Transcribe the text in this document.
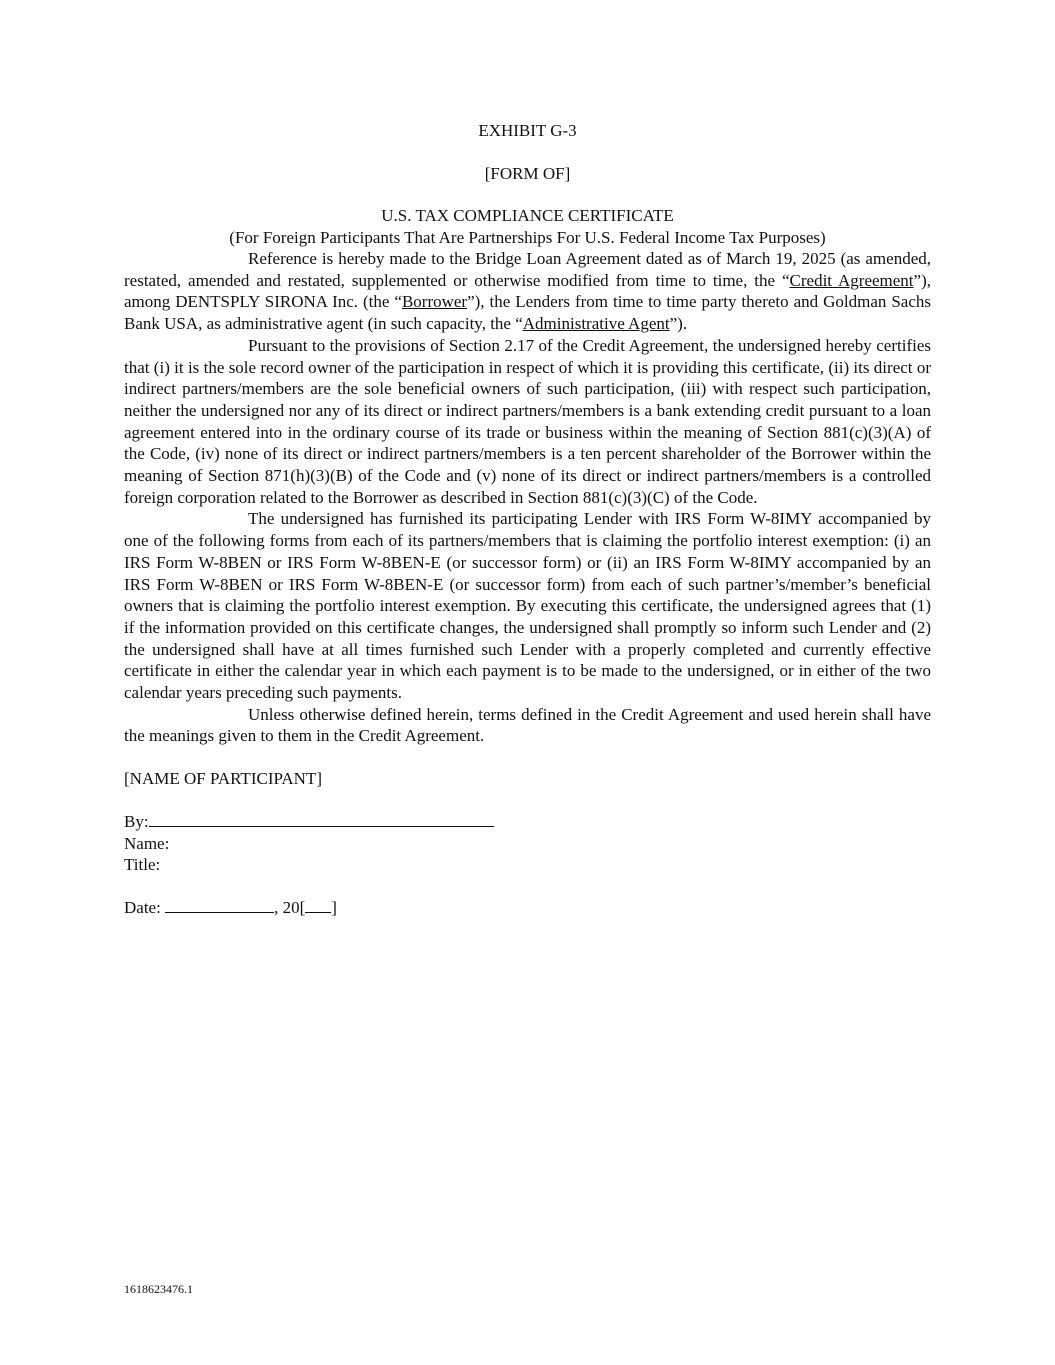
EXHIBIT G-3
[FORM OF]
U.S. TAX COMPLIANCE CERTIFICATE
(For Foreign Participants That Are Partnerships For U.S. Federal Income Tax Purposes)

Reference is hereby made to the Bridge Loan Agreement dated as of March 19, 2025 (as amended, restated, amended and restated, supplemented or otherwise modified from time to time, the “Credit Agreement”), among DENTSPLY SIRONA Inc. (the “Borrower”), the Lenders from time to time party thereto and Goldman Sachs Bank USA, as administrative agent (in such capacity, the “Administrative Agent”).

Pursuant to the provisions of Section 2.17 of the Credit Agreement, the undersigned hereby certifies that (i) it is the sole record owner of the participation in respect of which it is providing this certificate, (ii) its direct or indirect partners/members are the sole beneficial owners of such participation, (iii) with respect such participation, neither the undersigned nor any of its direct or indirect partners/members is a bank extending credit pursuant to a loan agreement entered into in the ordinary course of its trade or business within the meaning of Section 881(c)(3)(A) of the Code, (iv) none of its direct or indirect partners/members is a ten percent shareholder of the Borrower within the meaning of Section 871(h)(3)(B) of the Code and (v) none of its direct or indirect partners/members is a controlled foreign corporation related to the Borrower as described in Section 881(c)(3)(C) of the Code.

The undersigned has furnished its participating Lender with IRS Form W-8IMY accompanied by one of the following forms from each of its partners/members that is claiming the portfolio interest exemption: (i) an IRS Form W-8BEN or IRS Form W-8BEN-E (or successor form) or (ii) an IRS Form W-8IMY accompanied by an IRS Form W-8BEN or IRS Form W-8BEN-E (or successor form) from each of such partner’s/member’s beneficial owners that is claiming the portfolio interest exemption. By executing this certificate, the undersigned agrees that (1) if the information provided on this certificate changes, the undersigned shall promptly so inform such Lender and (2) the undersigned shall have at all times furnished such Lender with a properly completed and currently effective certificate in either the calendar year in which each payment is to be made to the undersigned, or in either of the two calendar years preceding such payments.

Unless otherwise defined herein, terms defined in the Credit Agreement and used herein shall have the meanings given to them in the Credit Agreement.

[NAME OF PARTICIPANT]
By:
Name:
Title:
Date:	, 20[ ]
1618623476.1
